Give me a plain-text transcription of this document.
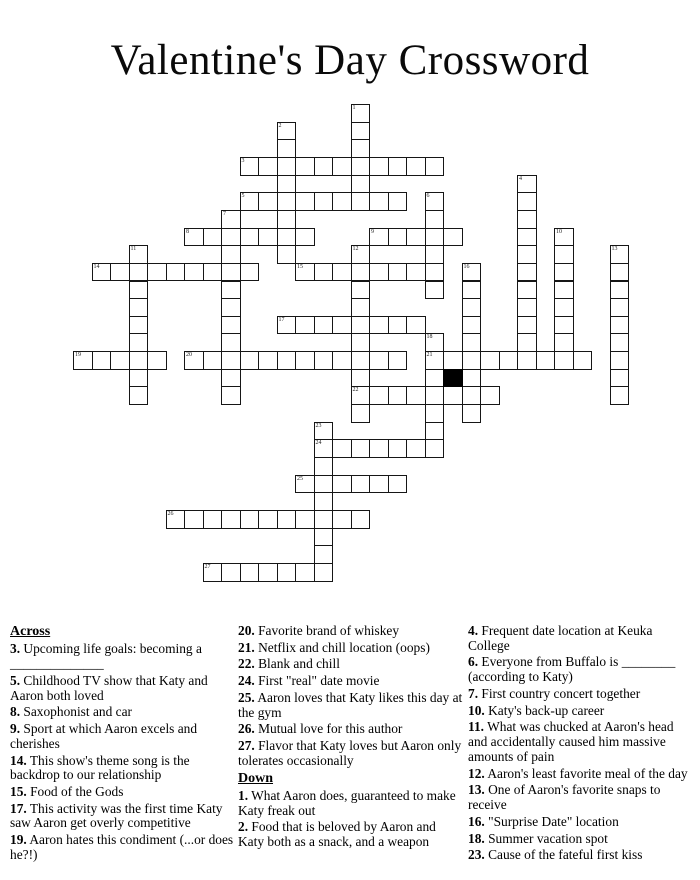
Valentine's Day Crossword
1
2
3
4
5	6
7
8	9	10
11	12
22
13
14	15	16
17
18
21
19	20
23
24
25
26
27
Across
3. Upcoming life goals: becoming a ______________
5. Childhood TV show that Katy and Aaron both loved
8. Saxophonist and car
9. Sport at which Aaron excels and cherishes
14. This show's theme song is the backdrop to our relationship
15. Food of the Gods
17. This activity was the first time Katy saw Aaron get overly competitive
19. Aaron hates this condiment (...or does he?!)
20. Favorite brand of whiskey
21. Netflix and chill location (oops)
22. Blank and chill
24. First "real" date movie
25. Aaron loves that Katy likes this day at the gym
26. Mutual love for this author
27. Flavor that Katy loves but Aaron only tolerates occasionally
Down
1. What Aaron does, guaranteed to make Katy freak out
2. Food that is beloved by Aaron and Katy both as a snack, and a weapon
4. Frequent date location at Keuka College
6. Everyone from Buffalo is ________ (according to Katy)
7. First country concert together
10. Katy's back-up career
11. What was chucked at Aaron's head and accidentally caused him massive amounts of pain
12. Aaron's least favorite meal of the day
13. One of Aaron's favorite snaps to receive
16. "Surprise Date" location
18. Summer vacation spot
23. Cause of the fateful first kiss
